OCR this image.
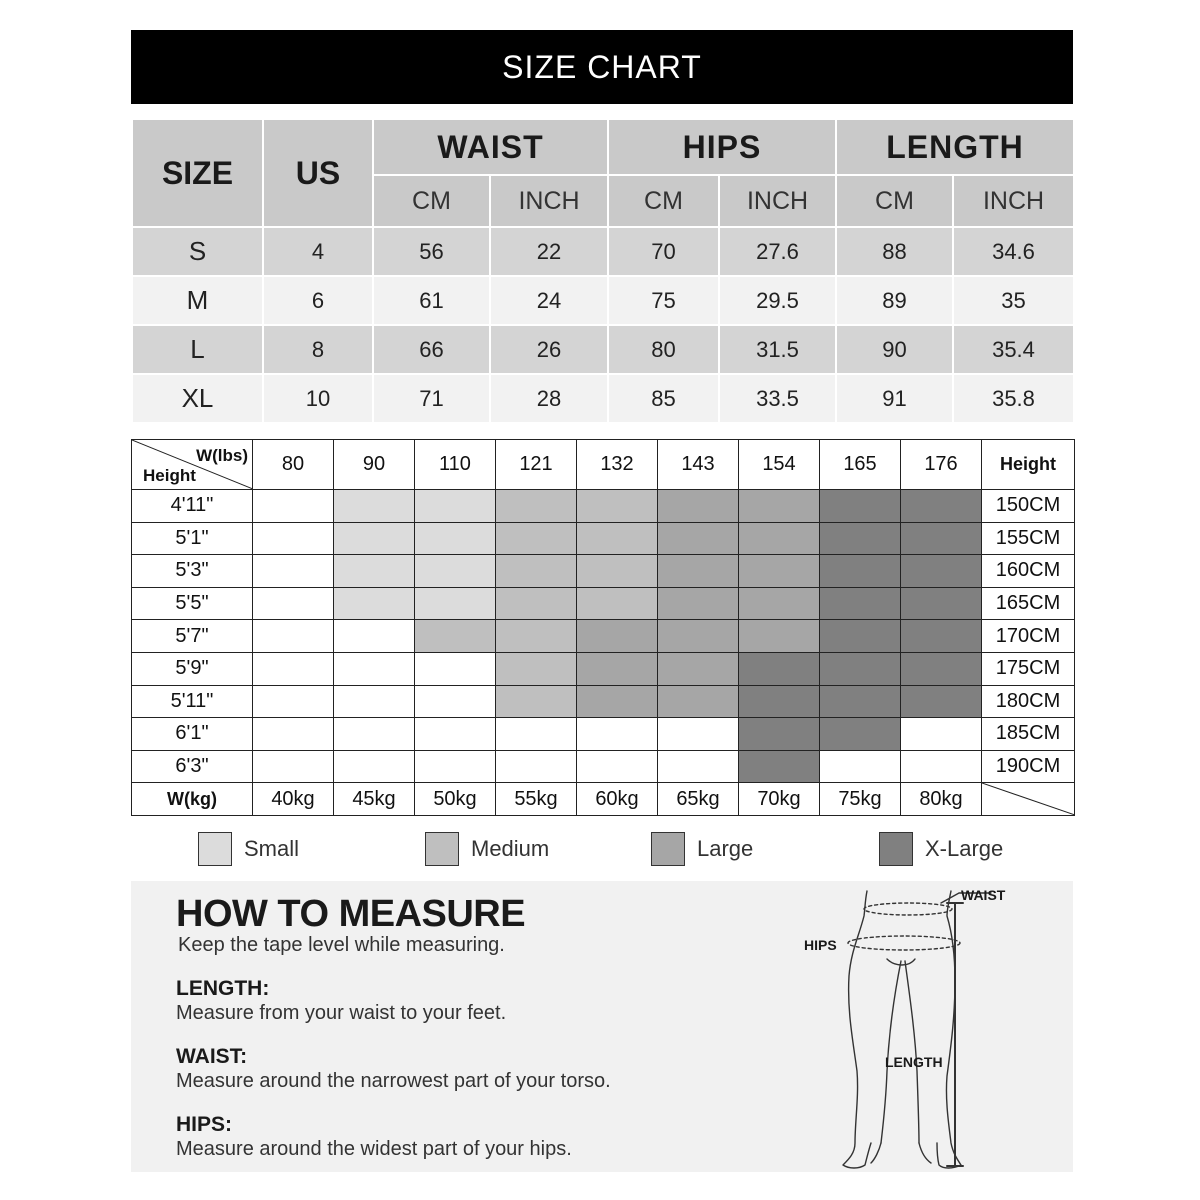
SIZE CHART
SIZE	US	WAIST		HIPS		LENGTH	
		CM	INCH	CM	INCH	CM	INCH
S	4	56	22	70	27.6	88	34.6
M	6	61	24	75	29.5	89	35
L	8	66	26	80	31.5	90	35.4
XL	10	71	28	85	33.5	91	35.8
W(lbs)
Height	80	90	110	121	132	143	154	165	176	Height
4'11"										150CM
5'1"										155CM
5'3"										160CM
5'5"										165CM
5'7"										170CM
5'9"										175CM
5'11"										180CM
6'1"										185CM
6'3"										190CM
W(kg)	40kg	45kg	50kg	55kg	60kg	65kg	70kg	75kg	80kg	
Small	Medium	Large	X-Large
HOW TO MEASURE
Keep the tape level while measuring.
LENGTH:
Measure from your waist to your feet.
WAIST:
Measure around the narrowest part of your torso.
HIPS:
Measure around the widest part of your hips.
WAIST
HIPS
LENGTH
